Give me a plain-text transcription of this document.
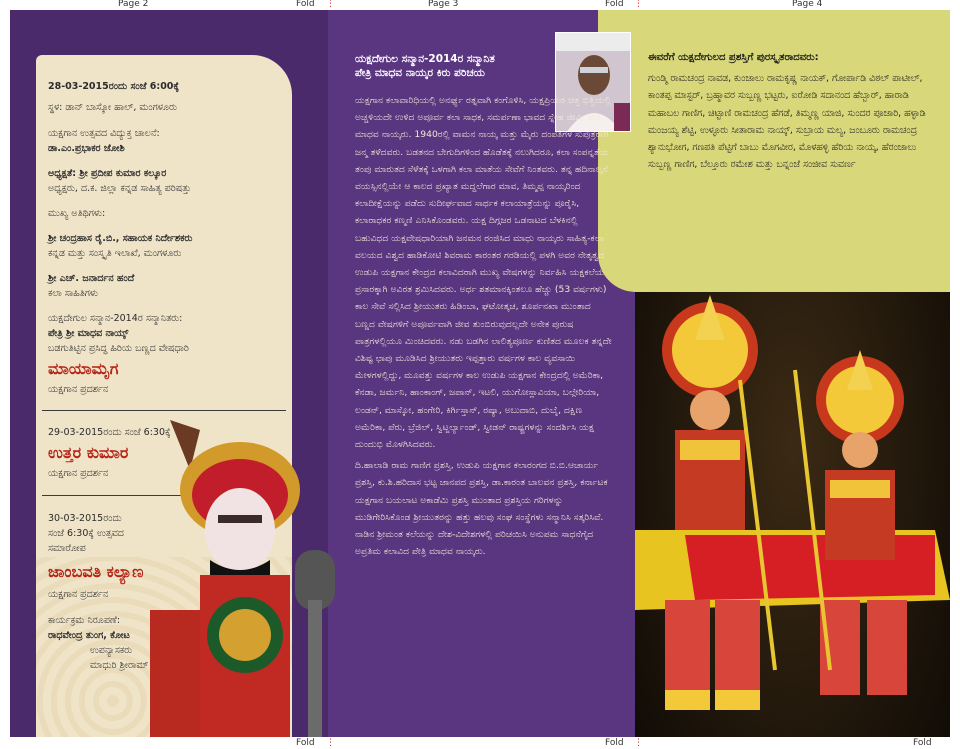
Page 2	Fold ⋮	Page 3	Fold ⋮	Page 4
28-03-2015ರಂದು ಸಂಜೆ 6:00ಕ್ಕೆ
ಸ್ಥಳ: ಡಾನ್ ಬಾಸ್ಕೋ ಹಾಲ್, ಮಂಗಳೂರು
ಯಕ್ಷಗಾನ ಉತ್ಸವದ ವಿದ್ಯುಕ್ತ ಚಾಲನೆ:
ಡಾ.ಎಂ.ಪ್ರಭಾಕರ ಜೋಶಿ
ಅಧ್ಯಕ್ಷತೆ: ಶ್ರೀ ಪ್ರದೀಪ ಕುಮಾರ ಕಲ್ಕೂರ
ಅಧ್ಯಕ್ಷರು, ದ.ಕ. ಜಿಲ್ಲಾ ಕನ್ನಡ ಸಾಹಿತ್ಯ ಪರಿಷತ್ತು
ಮುಖ್ಯ ಅತಿಥಿಗಳು:
ಶ್ರೀ ಚಂದ್ರಹಾಸ ರೈ.ಬಿ., ಸಹಾಯಕ ನಿರ್ದೇಶಕರು
ಕನ್ನಡ ಮತ್ತು ಸಂಸ್ಕೃತಿ ಇಲಾಖೆ, ಮಂಗಳೂರು
ಶ್ರೀ ಎಚ್. ಜನಾರ್ದನ ಹಂದೆ
ಕಲಾ ಸಾಹಿತಿಗಳು
ಯಕ್ಷದೇಗುಲ ಸನ್ಮಾನ-2014ರ ಸನ್ಮಾನಿತರು:
ಪೇತ್ರಿ ಶ್ರೀ ಮಾಧವ ನಾಯ್ಕ್
ಬಡಗುತಿಟ್ಟಿನ ಪ್ರಸಿದ್ಧ ಹಿರಿಯ ಬಣ್ಣದ ವೇಷಧಾರಿ
ಮಾಯಾಮೃಗ
ಯಕ್ಷಗಾನ ಪ್ರದರ್ಶನ
29-03-2015ರಂದು ಸಂಜೆ 6:30ಕ್ಕೆ
ಉತ್ತರ ಕುಮಾರ
ಯಕ್ಷಗಾನ ಪ್ರದರ್ಶನ
30-03-2015ರಂದು
ಸಂಜೆ 6:30ಕ್ಕೆ ಉತ್ಸವದ
ಸಮಾರೋಪ
ಜಾಂಬವತಿ ಕಲ್ಯಾಣ
ಯಕ್ಷಗಾನ ಪ್ರದರ್ಶನ
ಕಾರ್ಯಕ್ರಮ ನಿರೂಪಣೆ:
ರಾಧವೇಂದ್ರ ತುಂಗ, ಕೋಟ
ಉಪನ್ಯಾಸಕರು
ಮಾಧುರಿ ಶ್ರೀರಾಮ್
ಯಕ್ಷದೇಗುಲ ಸನ್ಮಾನ-2014ರ ಸನ್ಮಾನಿತ
ಪೇತ್ರಿ ಮಾಧವ ನಾಯ್ಕರ ಕಿರು ಪರಿಚಯ

ಯಕ್ಷಗಾನ ಕಲಾವಾರಿಧಿಯಲ್ಲಿ ಅನರ್ಘ್ಯ ರತ್ನವಾಗಿ ಕಂಗೊಳಿಸಿ, ಯಕ್ಷಪ್ರಿಯರ ಚಿತ್ತ ಭಿತ್ತಿಯಲ್ಲಿ ಅಚ್ಚಳಿಯದೇ ಉಳಿದ ಅಪೂರ್ವ ಕಲಾ ಸಾಧಕ, ಸಮರ್ಪಣಾ ಭಾವದ ಸ್ನೇಹ ಜೀವಿ, ಪೇತ್ರಿ ಮಾಧವ ನಾಯ್ಕರು. 1940ರಲ್ಲಿ ವಾಮನ ನಾಯ್ಕ ಮತ್ತು ಮೈರು ದಂಪತಿಗಳ ಸುಪುತ್ರರಾಗಿ ಜನ್ಮ ತಳೆದವರು. ಬಡತನದ ಬೇಗುದಿಗಳಿಂದ ಹೊಡೆತಕ್ಕೆ ನಲುಗಿದರೂ, ಕಲಾ ಸಂಪನ್ನತೆಯ ತಂಪು ಮಾರುತದ ಸೆಳೆತಕ್ಕೆ ಒಳಗಾಗಿ ಕಲಾ ಮಾತೆಯ ಸೇವೆಗೆ ನಿಂತವರು. ತನ್ನ ಹದಿನಾಲ್ಕನೆ ವಯಸ್ಸಿನಲ್ಲಿಯೇ ಆ ಕಾಲದ ಪ್ರಖ್ಯಾತ ಮದ್ದಲೆಗಾರ ಮಾವ, ತಿಮ್ಮಪ್ಪ ನಾಯ್ಕರಿಂದ ಕಲಾದೀಕ್ಷೆಯನ್ನು ಪಡೆದು ಸುದೀರ್ಘವಾದ ಸಾರ್ಥಕ ಕಲಾಯಾತ್ರೆಯನ್ನು ಪೂರೈಸಿ, ಕಲಾರಾಧಕರ ಕಣ್ಮಣಿ ಎನಿಸಿಕೊಂಡವರು. ಯಕ್ಷ ದಿಗ್ಗಜರ ಒಡನಾಟದ ಬೆಳಕಿನಲ್ಲಿ ಬಹುವಿಧದ ಯಕ್ಷವೇಷಧಾರಿಯಾಗಿ ಜನಮನ ರಂಜಿಸಿದ ಮಾಧು ನಾಯ್ಕರು ಸಾಹಿತ್ಯ-ಕಲಾ ವಲಯದ ವಿಶ್ವದ ಹಾಡಿಕೋಟಿ ಶಿವರಾಮ ಕಾರಂತರ ಗರಡಿಯಲ್ಲಿ ಪಳಗಿ ಅವರ ನೇತೃತ್ವದ ಉಡುಪಿ ಯಕ್ಷಗಾನ ಕೇಂದ್ರದ ಕಲಾವಿದರಾಗಿ ಮುಖ್ಯ ವೇಷಗಳನ್ನು ನಿರ್ವಹಿಸಿ ಯಕ್ಷಕಲೆಯ ಪ್ರಸಾರಕ್ಕಾಗಿ ಅವಿರತ ಶ್ರಮಿಸಿದವರು. ಅರ್ಧ ಶತಮಾನಕ್ಕಿಂತಲೂ ಹೆಚ್ಚು (53 ವರ್ಷಗಳು) ಕಾಲ ಸೇವೆ ಸಲ್ಲಿಸಿದ ಶ್ರೀಯುತರು ಹಿಡಿಂಬಾ, ಘಟೋತ್ಕಚ, ಶೂರ್ಪನಖಾ ಮುಂತಾದ ಬಣ್ಣದ ವೇಷಗಳಿಗೆ ಅಪೂರ್ವವಾಗಿ ಜೀವ ತುಂಬಿರುವುದಲ್ಲದೇ ಅನೇಕ ಪುರುಷ ಪಾತ್ರಗಳಲ್ಲಿಯೂ ಮಿಂಚಿದವರು. ನಡು ಬಡಗಿನ ಲಾಲಿತ್ಯಪೂರ್ಣ ಕುಣಿತದ ಮೂಲಕ ತನ್ನದೇ ವಿಶಿಷ್ಟ ಛಾಪು ಮೂಡಿಸಿದ ಶ್ರೀಯುತರು ಇಪ್ಪತ್ತಾರು ವರ್ಷಗಳ ಕಾಲ ವ್ಯವಸಾಯಿ ಮೇಳಗಳಲ್ಲಿದ್ದು, ಮೂವತ್ತು ವರ್ಷಗಳ ಕಾಲ ಉಡುಪಿ ಯಕ್ಷಗಾನ ಕೇಂದ್ರದಲ್ಲಿ ಅಮೆರಿಕಾ, ಕೆನಡಾ, ಜರ್ಮನಿ, ಹಾಂಕಾಂಗ್, ಜಪಾನ್, ಇಟಲಿ, ಯುಗೋಸ್ಲಾವಿಯಾ, ಬಲ್ಗೇರಿಯಾ, ಲಂಡನ್, ಮಾಸ್ಕೋ, ಹಂಗೇರಿ, ಕಿರ್ಗಿಸ್ತಾನ್, ರಷ್ಯಾ, ಅಬುದಾಬಿ, ದುಬೈ, ದಕ್ಷಿಣ ಅಮೆರಿಕಾ, ಪೆರು, ಬ್ರೆಜಿಲ್, ಸ್ವಿಟ್ಜರ್ಲ್ಯಾಂಡ್, ಸ್ವೀಡನ್ ರಾಷ್ಟ್ರಗಳನ್ನು ಸಂದರ್ಶಿಸಿ ಯಕ್ಷ ದುಂದುಭಿ ಮೊಳಗಿಸಿದವರು.

ದಿ.ಹಾಲಾಡಿ ರಾಮ ಗಾಣಿಗ ಪ್ರಶಸ್ತಿ, ಉಡುಪಿ ಯಕ್ಷಗಾನ ಕಲಾರಂಗದ ಬಿ.ಬಿ.ಆಚಾರ್ಯ ಪ್ರಶಸ್ತಿ, ಕು.ಶಿ.ಹರಿದಾಸ ಭಟ್ಟ ಜಾನಪದ ಪ್ರಶಸ್ತಿ, ಡಾ.ಕಾರಂತ ಬಾಲವನ ಪ್ರಶಸ್ತಿ, ಕರ್ನಾಟಕ ಯಕ್ಷಗಾನ ಬಯಲಾಟ ಅಕಾಡೆಮಿ ಪ್ರಶಸ್ತಿ ಮುಂತಾದ ಪ್ರಶಸ್ತಿಯ ಗರಿಗಳನ್ನು ಮುಡಿಗೇರಿಸಿಕೊಂಡ ಶ್ರೀಯುತರನ್ನು ಹತ್ತು ಹಲವು ಸಂಘ ಸಂಸ್ಥೆಗಳು ಸನ್ಮಾನಿಸಿ ಸತ್ಕರಿಸಿವೆ. ನಾಡಿನ ಶ್ರೀಮಂತ ಕಲೆಯನ್ನು ದೇಶ-ವಿದೇಶಗಳಲ್ಲಿ ಪರಿಚಯಿಸಿ ಅನುಪಮ ಸಾಧನೆಗೈದ ಅಪ್ರತಿಮ ಕಲಾವಿದ ಪೇತ್ರಿ ಮಾಧವ ನಾಯ್ಕರು.

ಈವರೆಗೆ ಯಕ್ಷದೇಗುಲದ ಪ್ರಶಸ್ತಿಗೆ ಪುರಸ್ಕೃತರಾದವರು:
ಗುಂಡ್ಮಿ ರಾಮಚಂದ್ರ ನಾವಡ, ಕುಂಜಾಲು ರಾಮಕೃಷ್ಣ ನಾಯಕ್, ಗೋರ್ಪಾಡಿ ವಿಠಲ್ ಪಾಟೀಲ್, ಕಾಂತಪ್ಪ ಮಾಸ್ಟರ್, ಬ್ರಹ್ಮಾವರ ಸುಬ್ಬಣ್ಣ ಭಟ್ಟರು, ಐರೋಡಿ ಸದಾನಂದ ಹೆಬ್ಬಾರ್, ಹಾರಾಡಿ ಮಹಾಬಲ ಗಾಣಿಗ, ಚಿಟ್ಟಾಣಿ ರಾಮಚಂದ್ರ ಹೆಗಡೆ, ತಿಮ್ಮಣ್ಣ ಯಾಜಿ, ಸುಂದರ ಪೂಜಾರಿ, ಹಳ್ಳಾಡಿ ಮಂಜಯ್ಯ ಶೆಟ್ಟಿ, ಉಳ್ಳೂರು ಸೀತಾರಾಮ ನಾಯ್ಕ್, ಸುಬ್ರಾಯ ಮಲ್ಯ, ಜಂಬೂರು ರಾಮಚಂದ್ರ ಶ್ಯಾನುಭೋಗ, ಗಣಪತಿ ಪೆಟ್ಟಿಗೆ ಬಾಬು ಮೊಗವೀರ, ಮೊಳಹಳ್ಳಿ ಹೆರಿಯ ನಾಯ್ಕ, ಹೆರಂಜಾಲು ಸುಬ್ಬಣ್ಣ ಗಾಣಿಗ, ಬೆಲ್ತೂರು ರಮೇಶ ಮತ್ತು ಬನ್ನಂಜೆ ಸಂಜೀವ ಸುವರ್ಣ
Fold ⋮	Fold ⋮	Fold
